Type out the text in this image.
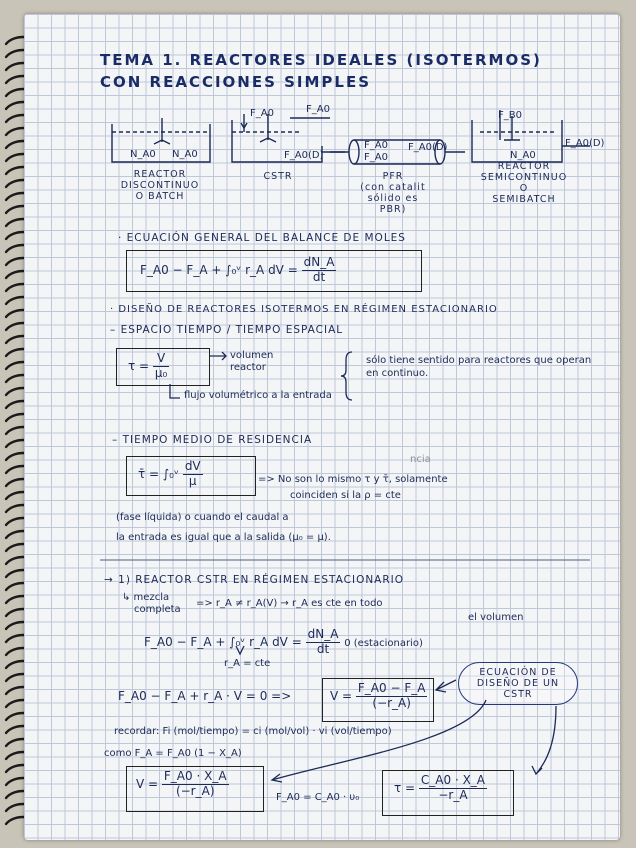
TEMA 1. REACTORES IDEALES (ISOTERMOS)
CON REACCIONES SIMPLES
N_A0 N_A0
F_A0	F_A0
F_A0(D)
F_A0
F_A0
F_A0(D)
F_B0
N_A0
F_A0(D)
REACTOR
DISCONTINUO
O BATCH
CSTR	PFR
(con catalit
sólido es
PBR)
REACTOR
SEMICONTINUO
O
SEMIBATCH
· ECUACIÓN GENERAL DEL BALANCE DE MOLES
F_A0 − F_A + ∫₀ᵛ r_A dV = $\frac{dN\_A}{dt}$
· DISEÑO DE REACTORES ISOTERMOS EN RÉGIMEN ESTACIONARIO
– ESPACIO TIEMPO / TIEMPO ESPACIAL
$\tau = \frac{V}{\text{μ₀}}$	volumen reactor
flujo volumétrico a la entrada
sólo tiene sentido para reactores que operan en continuo.
– TIEMPO MEDIO DE RESIDENCIA
τ̄ = ∫₀ᵛ $\frac{dV}{\mu}$
ncia
=> No son lo mismo τ y τ̄, solamente
coinciden si la ρ = cte
(fase líquida) o cuando el caudal a
la entrada es igual que a la salida (μ₀ = μ).
→ 1) REACTOR CSTR EN RÉGIMEN ESTACIONARIO
↳ mezcla
completa
=> r_A ≠ r_A(V) → r_A es cte en todo
el volumen
F_A0 − F_A + ∫₀ᵛ r_A dV = $\frac{dN\_A}{dt} 0$ (estacionario)
r_A = cte
F_A0 − F_A + r_A · V = 0 =>	$V = \frac{F\_A0 - F\_A}{(-r\_A)}$
ECUACIÓN DE DISEÑO DE UN CSTR
recordar: Fi (mol/tiempo) = ci (mol/vol) · vi (vol/tiempo)
como F_A = F_A0 (1 − X_A)
$V = \frac{F\_A0 \cdot X\_A}{(-r\_A)}$	F_A0 = C_A0 · υ₀
$\tau = \frac{C\_A0 \cdot X\_A}{-r\_A}$
